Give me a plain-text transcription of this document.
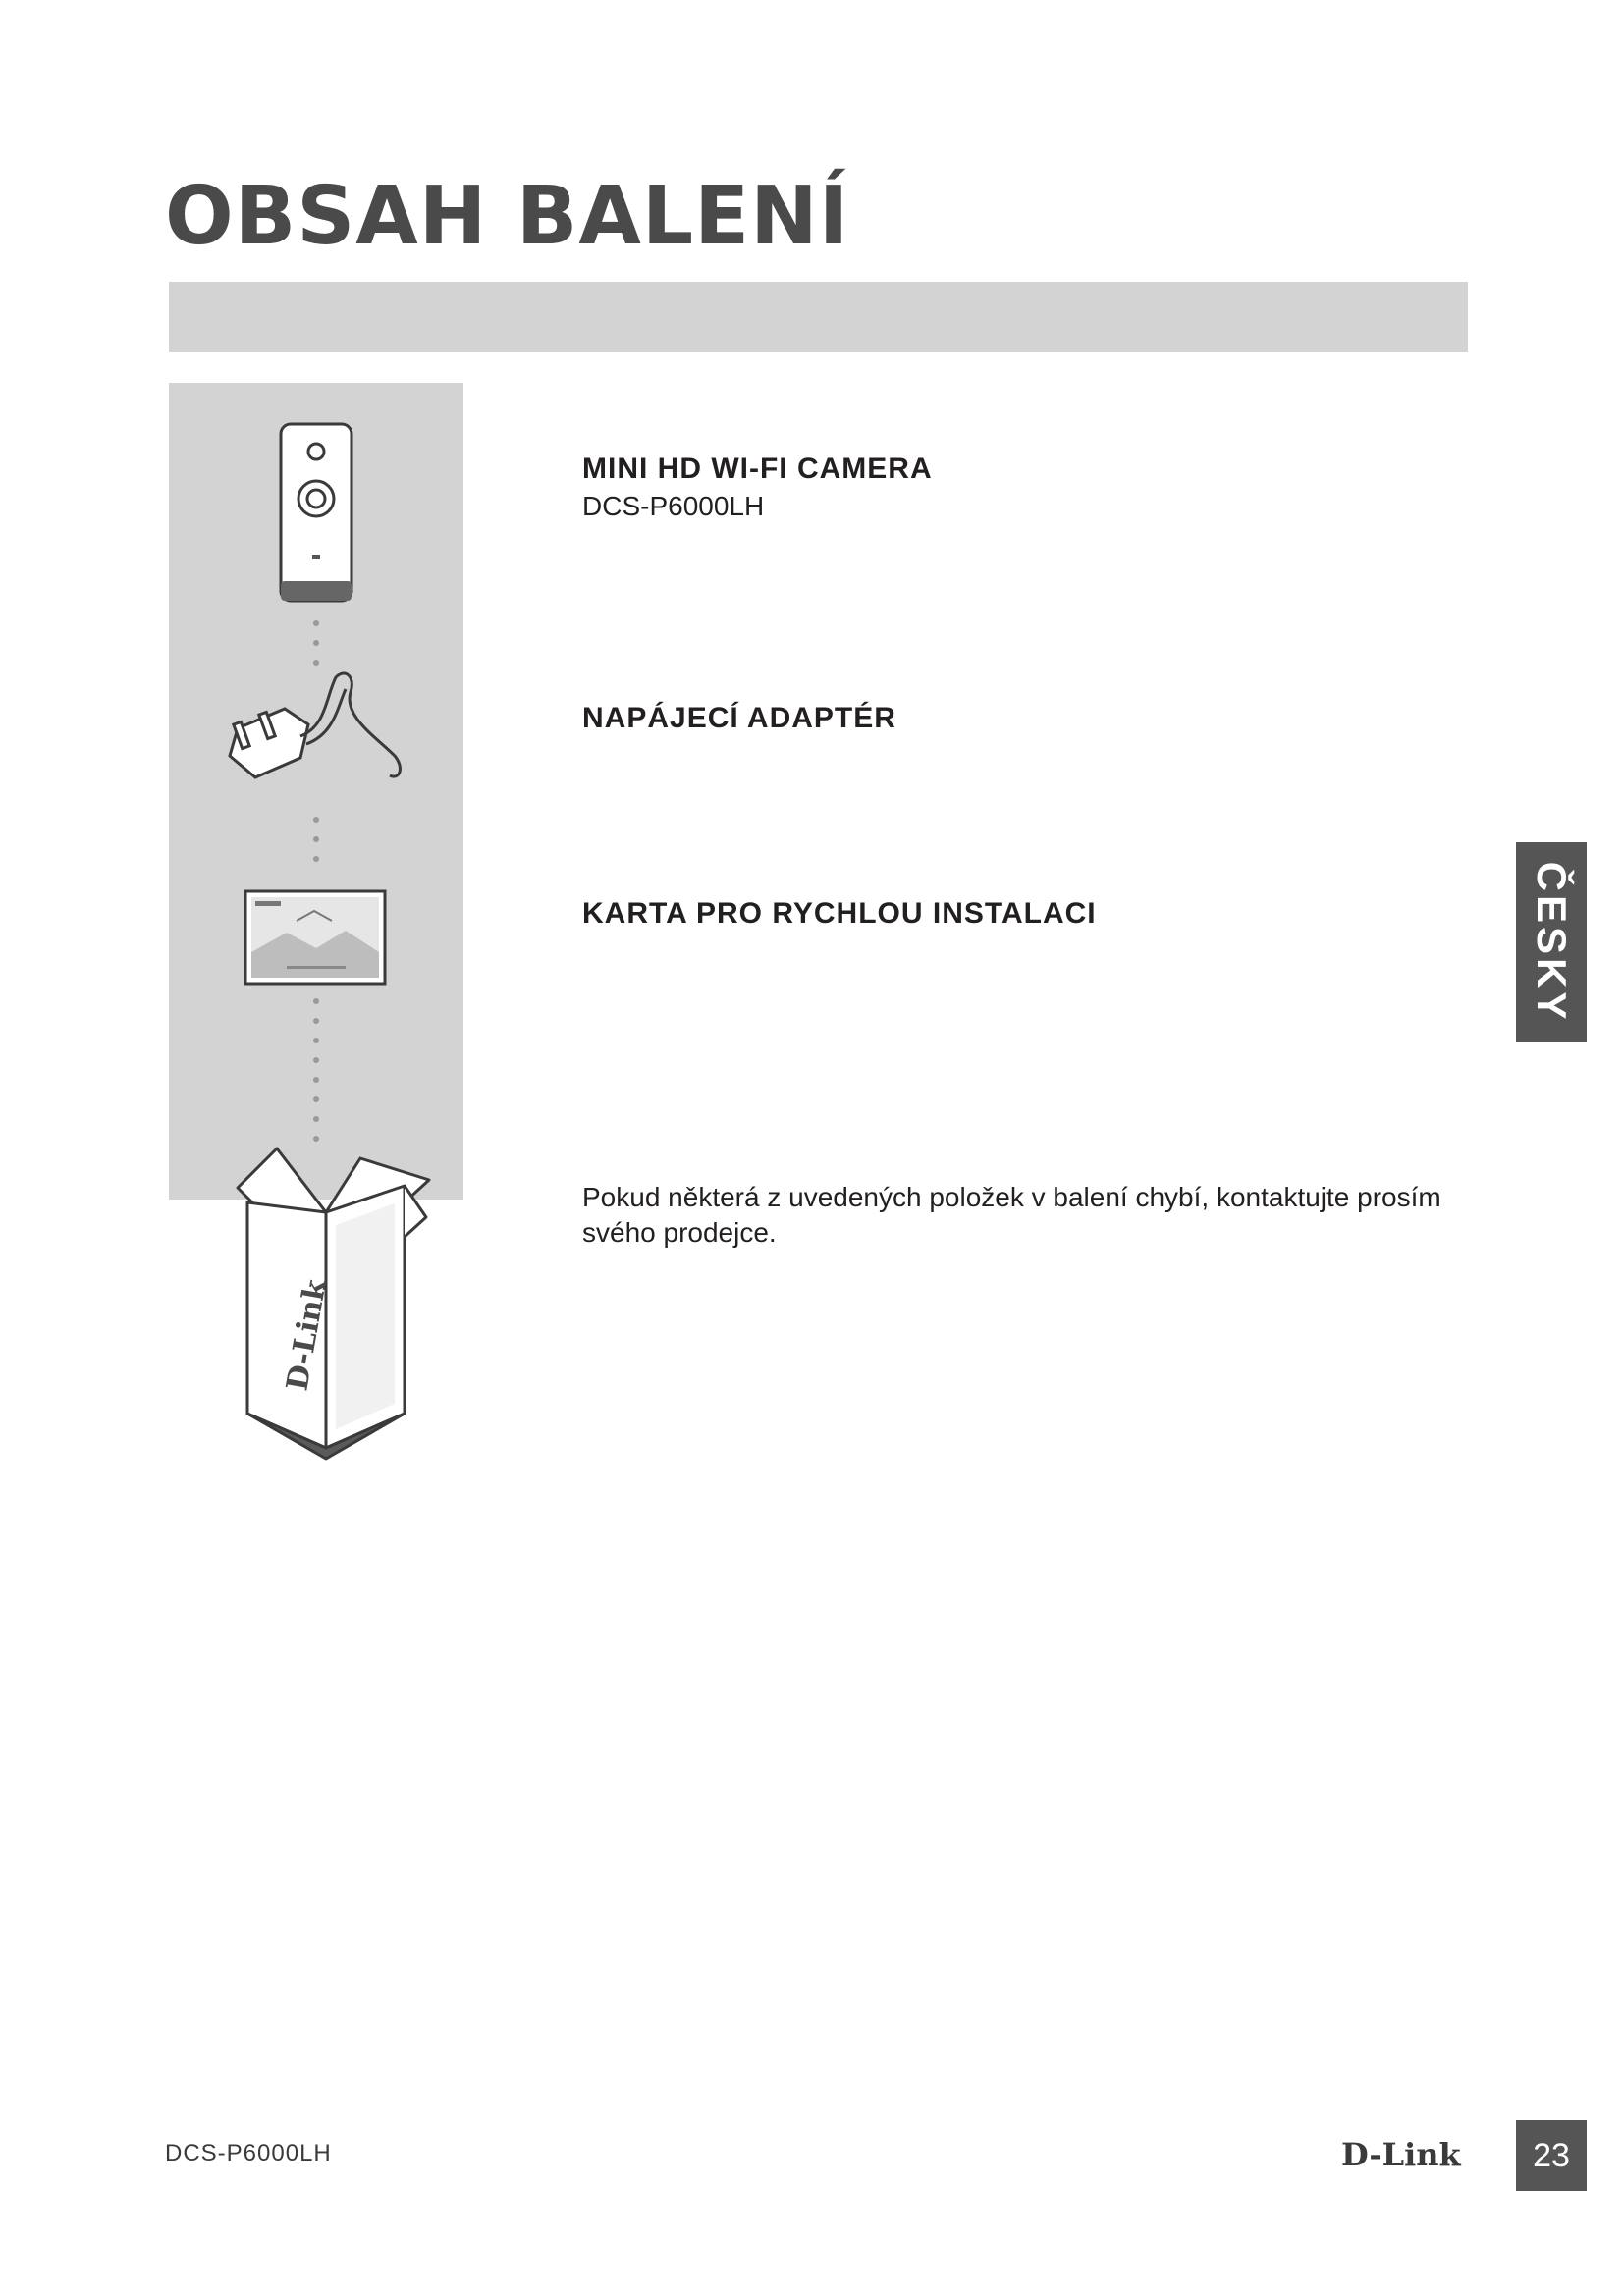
OBSAH BALENÍ
D-Link
MINI HD WI-FI CAMERA
DCS-P6000LH
NAPÁJECÍ ADAPTÉR
KARTA PRO RYCHLOU INSTALACI

Pokud některá z uvedených položek v balení chybí, kontaktujte prosím svého prodejce.

ČESKY
DCS-P6000LH	D-Link	23
